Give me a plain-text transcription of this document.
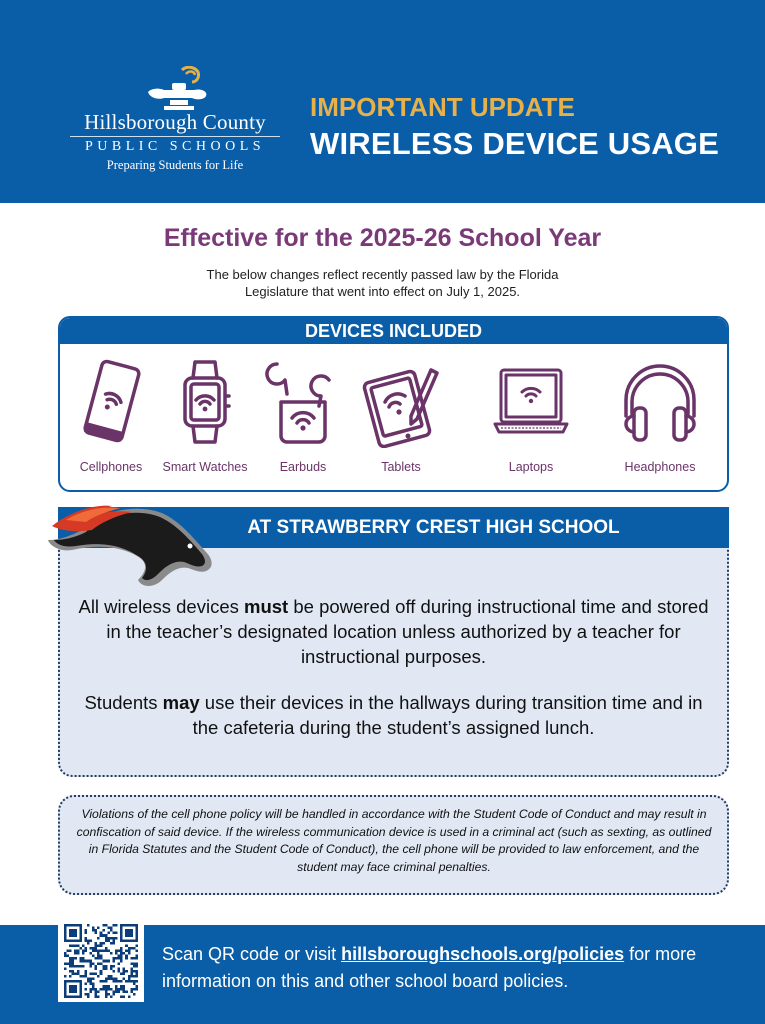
Hillsborough County
PUBLIC SCHOOLS
Preparing Students for Life
IMPORTANT UPDATE
WIRELESS DEVICE USAGE
Effective for the 2025-26 School Year
The below changes reflect recently passed law by the Florida Legislature that went into effect on July 1, 2025.
DEVICES INCLUDED
Cellphones	Smart Watches	Earbuds	Tablets	Laptops	Headphones
AT STRAWBERRY CREST HIGH SCHOOL
All wireless devices must be powered off during instructional time and stored in the teacher’s designated location unless authorized by a teacher for instructional purposes.
Students may use their devices in the hallways during transition time and in the cafeteria during the student’s assigned lunch.
Violations of the cell phone policy will be handled in accordance with the Student Code of Conduct and may result in confiscation of said device. If the wireless communication device is used in a criminal act (such as sexting, as outlined in Florida Statutes and the Student Code of Conduct), the cell phone will be provided to law enforcement, and the student may face criminal penalties.
Scan QR code or visit hillsboroughschools.org/policies for more information on this and other school board policies.
